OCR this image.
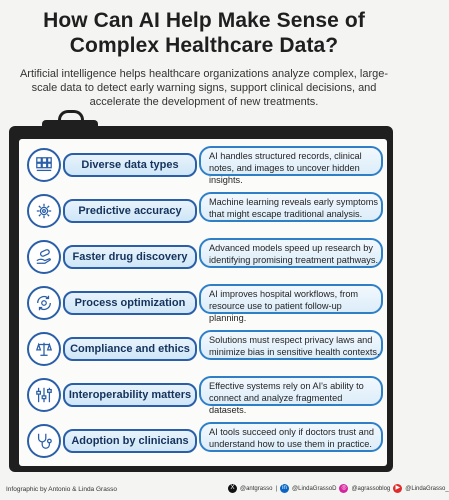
How Can AI Help Make Sense of
Complex Healthcare Data?
Artificial intelligence helps healthcare organizations analyze complex, large-scale data to detect early warning signs, support clinical decisions, and accelerate the development of new treatments.
Diverse data types
AI handles structured records, clinical notes, and images to uncover hidden insights.
Predictive accuracy
Machine learning reveals early symptoms that might escape traditional analysis.
Faster drug discovery
Advanced models speed up research by identifying promising treatment pathways.
Process optimization
AI improves hospital workflows, from resource use to patient follow-up planning.
Compliance and ethics
Solutions must respect privacy laws and minimize bias in sensitive health contexts.
Interoperability matters
Effective systems rely on AI's ability to connect and analyze fragmented datasets.
Adoption by clinicians
AI tools succeed only if doctors trust and understand how to use them in practice.
Infographic by Antonio & Linda Grasso	X @antgrasso | in @LindaGrassoD ◎ @agrassoblog ▶ @LindaGrasso_
